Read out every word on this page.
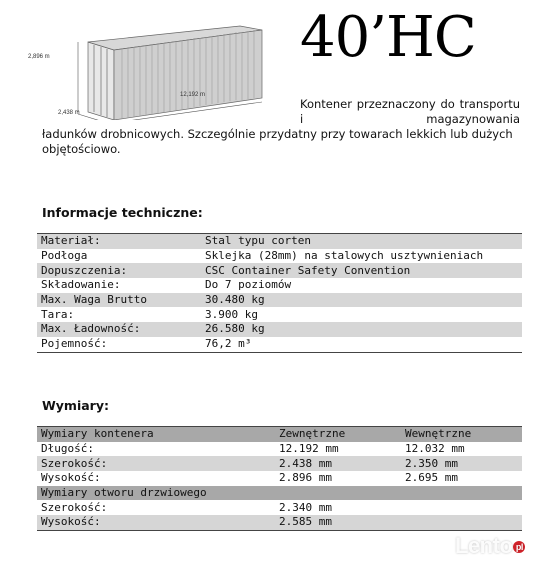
2,896 m
12,192 m
2,438 m
40’HC
Kontener przeznaczony do transportu i magazynowania
ładunków drobnicowych. Szczególnie przydatny przy towarach lekkich lub dużych objętościowo.
Informacje techniczne:
Materiał:	Stal typu corten
Podłoga	Sklejka (28mm) na stalowych usztywnieniach
Dopuszczenia:	CSC Container Safety Convention
Składowanie:	Do 7 poziomów
Max. Waga Brutto	30.480 kg
Tara:	3.900 kg
Max. Ładowność:	26.580 kg
Pojemność:	76,2 m³
Wymiary:
Wymiary kontenera	Zewnętrzne	Wewnętrzne
Długość:	12.192 mm	12.032 mm
Szerokość:	2.438 mm	2.350 mm
Wysokość:	2.896 mm	2.695 mm
Wymiary otworu drzwiowego		
Szerokość:	2.340 mm	
Wysokość:	2.585 mm	
Lento pl
